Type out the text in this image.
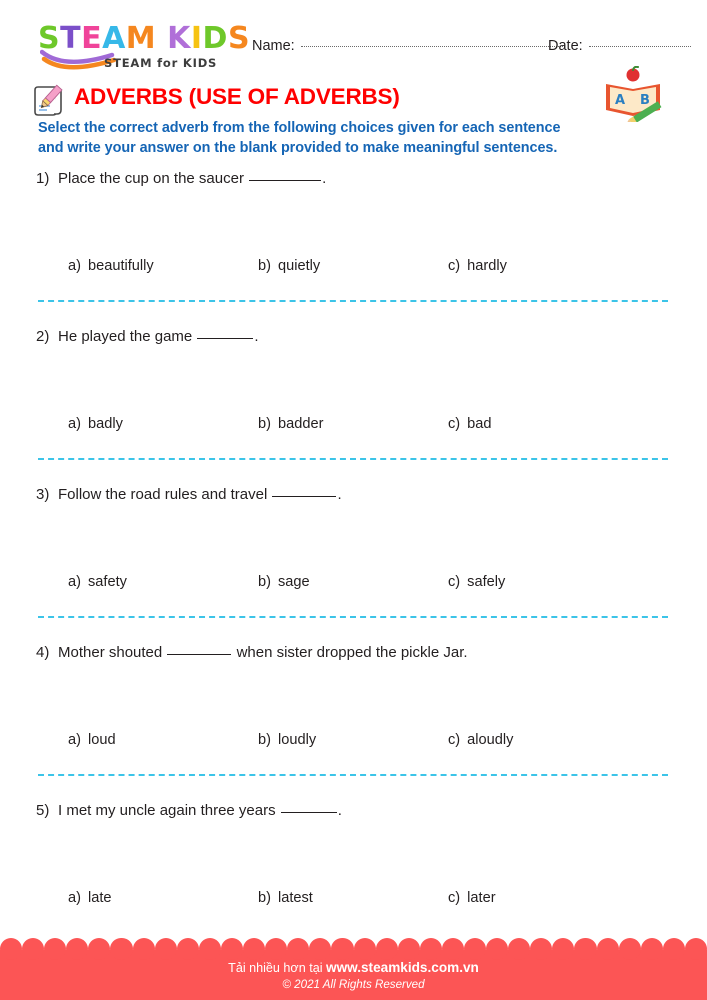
STEAM KIDS
STEAM for KIDS
Name:	Date:
ADVERBS (USE OF ADVERBS)	A B
Select the correct adverb from the following choices given for each sentence
and write your answer on the blank provided to make meaningful sentences.
1) Place the cup on the saucer	.
a) beautifully	b) quietly	c) hardly
2) He played the game	.
a) badly	b) badder	c) bad
3) Follow the road rules and travel	.
a) safety	b) sage	c) safely
4) Mother shouted	when sister dropped the pickle Jar.
a) loud	b) loudly	c) aloudly
5) I met my uncle again three years	.
a) late	b) latest	c) later
Tải nhiều hơn tại www.steamkids.com.vn
© 2021 All Rights Reserved
